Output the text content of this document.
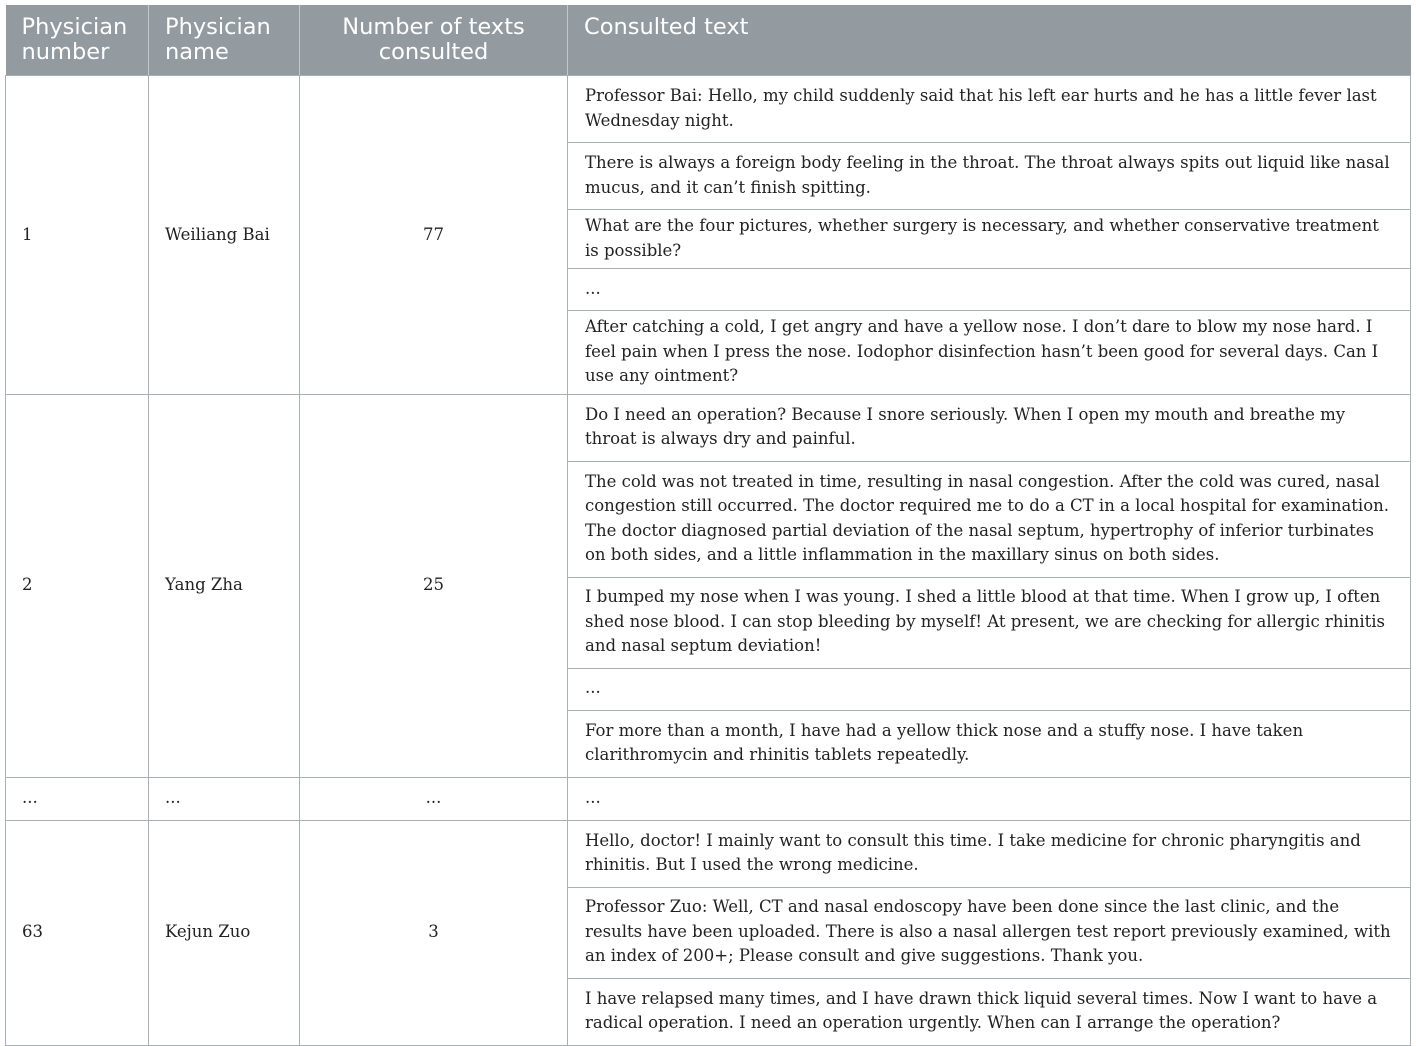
Physician number	Physician name	Number of texts consulted	Consulted text
1	Weiliang Bai	77	Professor Bai: Hello, my child suddenly said that his left ear hurts and he has a little fever last Wednesday night.
			There is always a foreign body feeling in the throat. The throat always spits out liquid like nasal mucus, and it can’t finish spitting.
			What are the four pictures, whether surgery is necessary, and whether conservative treatment is possible?
			...
			After catching a cold, I get angry and have a yellow nose. I don’t dare to blow my nose hard. I feel pain when I press the nose. Iodophor disinfection hasn’t been good for several days. Can I use any ointment?
2	Yang Zha	25	Do I need an operation? Because I snore seriously. When I open my mouth and breathe my throat is always dry and painful.
			The cold was not treated in time, resulting in nasal congestion. After the cold was cured, nasal congestion still occurred. The doctor required me to do a CT in a local hospital for examination. The doctor diagnosed partial deviation of the nasal septum, hypertrophy of inferior turbinates on both sides, and a little inflammation in the maxillary sinus on both sides.
			I bumped my nose when I was young. I shed a little blood at that time. When I grow up, I often shed nose blood. I can stop bleeding by myself! At present, we are checking for allergic rhinitis and nasal septum deviation!
			...
			For more than a month, I have had a yellow thick nose and a stuffy nose. I have taken clarithromycin and rhinitis tablets repeatedly.
...	...	...	...
63	Kejun Zuo	3	Hello, doctor! I mainly want to consult this time. I take medicine for chronic pharyngitis and rhinitis. But I used the wrong medicine.
			Professor Zuo: Well, CT and nasal endoscopy have been done since the last clinic, and the results have been uploaded. There is also a nasal allergen test report previously examined, with an index of 200+; Please consult and give suggestions. Thank you.
			I have relapsed many times, and I have drawn thick liquid several times. Now I want to have a radical operation. I need an operation urgently. When can I arrange the operation?
